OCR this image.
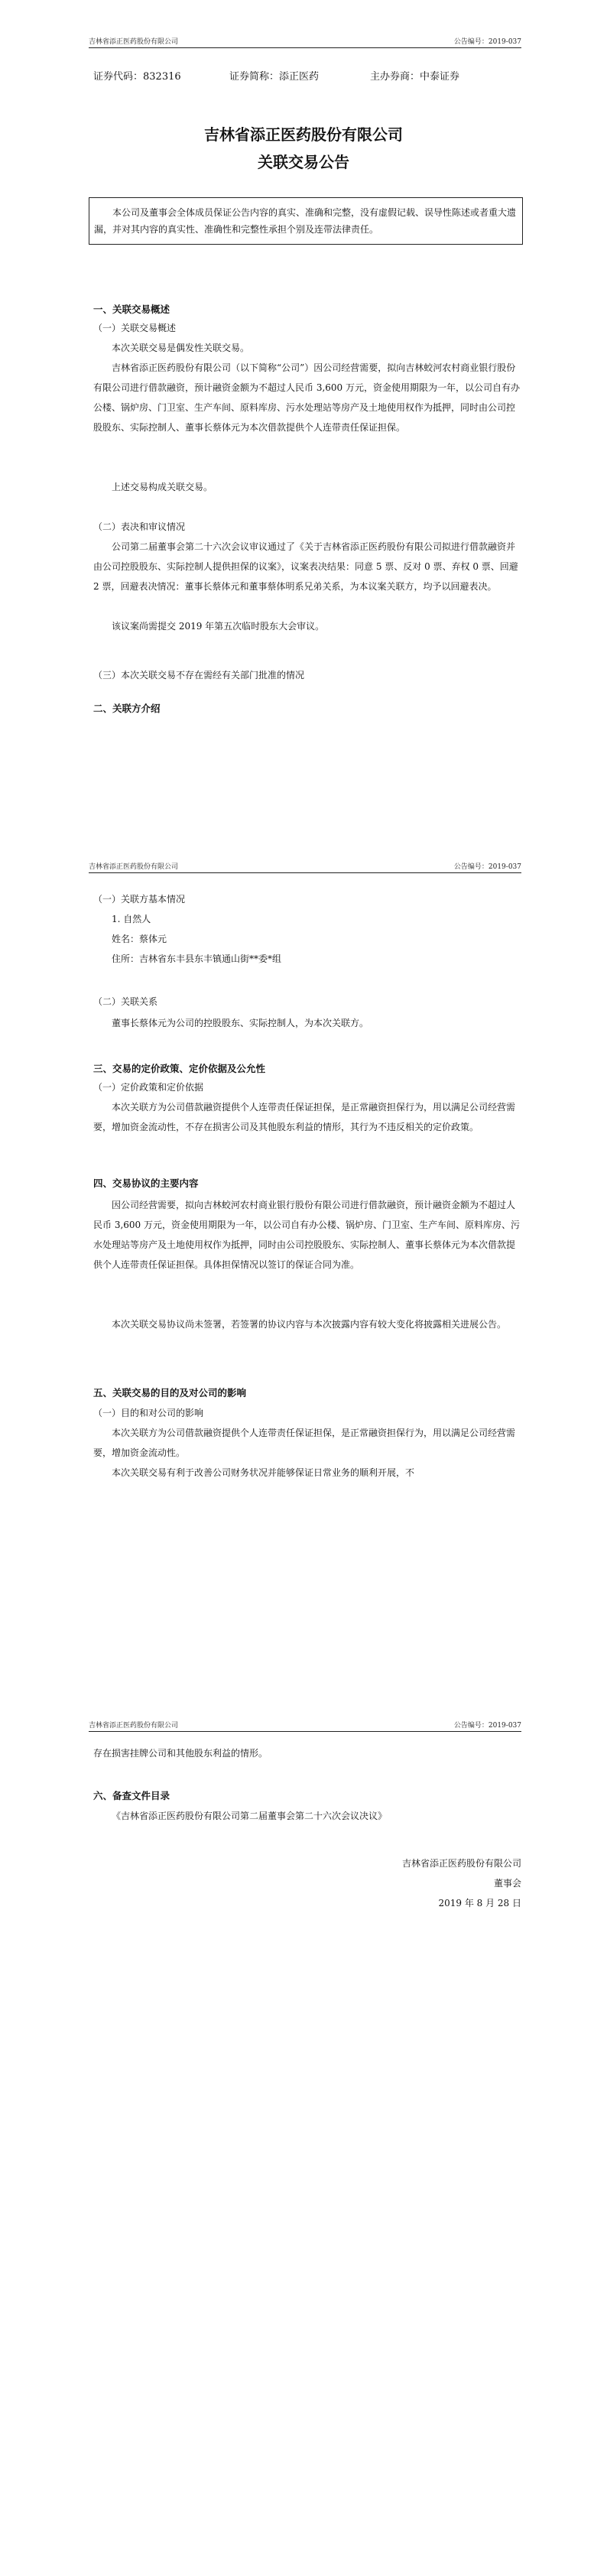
吉林省添正医药股份有限公司	公告编号：2019-037
证券代码：832316	证券简称：添正医药	主办券商：中泰证券
吉林省添正医药股份有限公司
关联交易公告
本公司及董事会全体成员保证公告内容的真实、准确和完整，没有虚假记载、误导性陈述或者重大遗漏，并对其内容的真实性、准确性和完整性承担个别及连带法律责任。
一、关联交易概述
（一）关联交易概述
本次关联交易是偶发性关联交易。
吉林省添正医药股份有限公司（以下简称“公司”）因公司经营需要，拟向吉林蛟河农村商业银行股份有限公司进行借款融资，预计融资金额为不超过人民币 3,600 万元，资金使用期限为一年，以公司自有办公楼、锅炉房、门卫室、生产车间、原料库房、污水处理站等房产及土地使用权作为抵押，同时由公司控股股东、实际控制人、董事长蔡体元为本次借款提供个人连带责任保证担保。
上述交易构成关联交易。
（二）表决和审议情况
公司第二届董事会第二十六次会议审议通过了《关于吉林省添正医药股份有限公司拟进行借款融资并由公司控股股东、实际控制人提供担保的议案》，议案表决结果：同意 5 票、反对 0 票、弃权 0 票、回避 2 票，回避表决情况：董事长蔡体元和董事蔡体明系兄弟关系，为本议案关联方，均予以回避表决。
该议案尚需提交 2019 年第五次临时股东大会审议。
（三）本次关联交易不存在需经有关部门批准的情况
二、关联方介绍
吉林省添正医药股份有限公司	公告编号：2019-037
（一）关联方基本情况
1. 自然人
姓名：蔡体元
住所：吉林省东丰县东丰镇通山街**委*组
（二）关联关系
董事长蔡体元为公司的控股股东、实际控制人，为本次关联方。
三、交易的定价政策、定价依据及公允性
（一）定价政策和定价依据
本次关联方为公司借款融资提供个人连带责任保证担保，是正常融资担保行为，用以满足公司经营需要，增加资金流动性，不存在损害公司及其他股东利益的情形，其行为不违反相关的定价政策。
四、交易协议的主要内容
因公司经营需要，拟向吉林蛟河农村商业银行股份有限公司进行借款融资，预计融资金额为不超过人民币 3,600 万元，资金使用期限为一年，以公司自有办公楼、锅炉房、门卫室、生产车间、原料库房、污水处理站等房产及土地使用权作为抵押，同时由公司控股股东、实际控制人、董事长蔡体元为本次借款提供个人连带责任保证担保。具体担保情况以签订的保证合同为准。
本次关联交易协议尚未签署，若签署的协议内容与本次披露内容有较大变化将披露相关进展公告。
五、关联交易的目的及对公司的影响
（一）目的和对公司的影响
本次关联方为公司借款融资提供个人连带责任保证担保，是正常融资担保行为，用以满足公司经营需要，增加资金流动性。
本次关联交易有利于改善公司财务状况并能够保证日常业务的顺利开展，不
吉林省添正医药股份有限公司	公告编号：2019-037
存在损害挂牌公司和其他股东利益的情形。
六、备查文件目录
《吉林省添正医药股份有限公司第二届董事会第二十六次会议决议》
吉林省添正医药股份有限公司
董事会
2019 年 8 月 28 日
